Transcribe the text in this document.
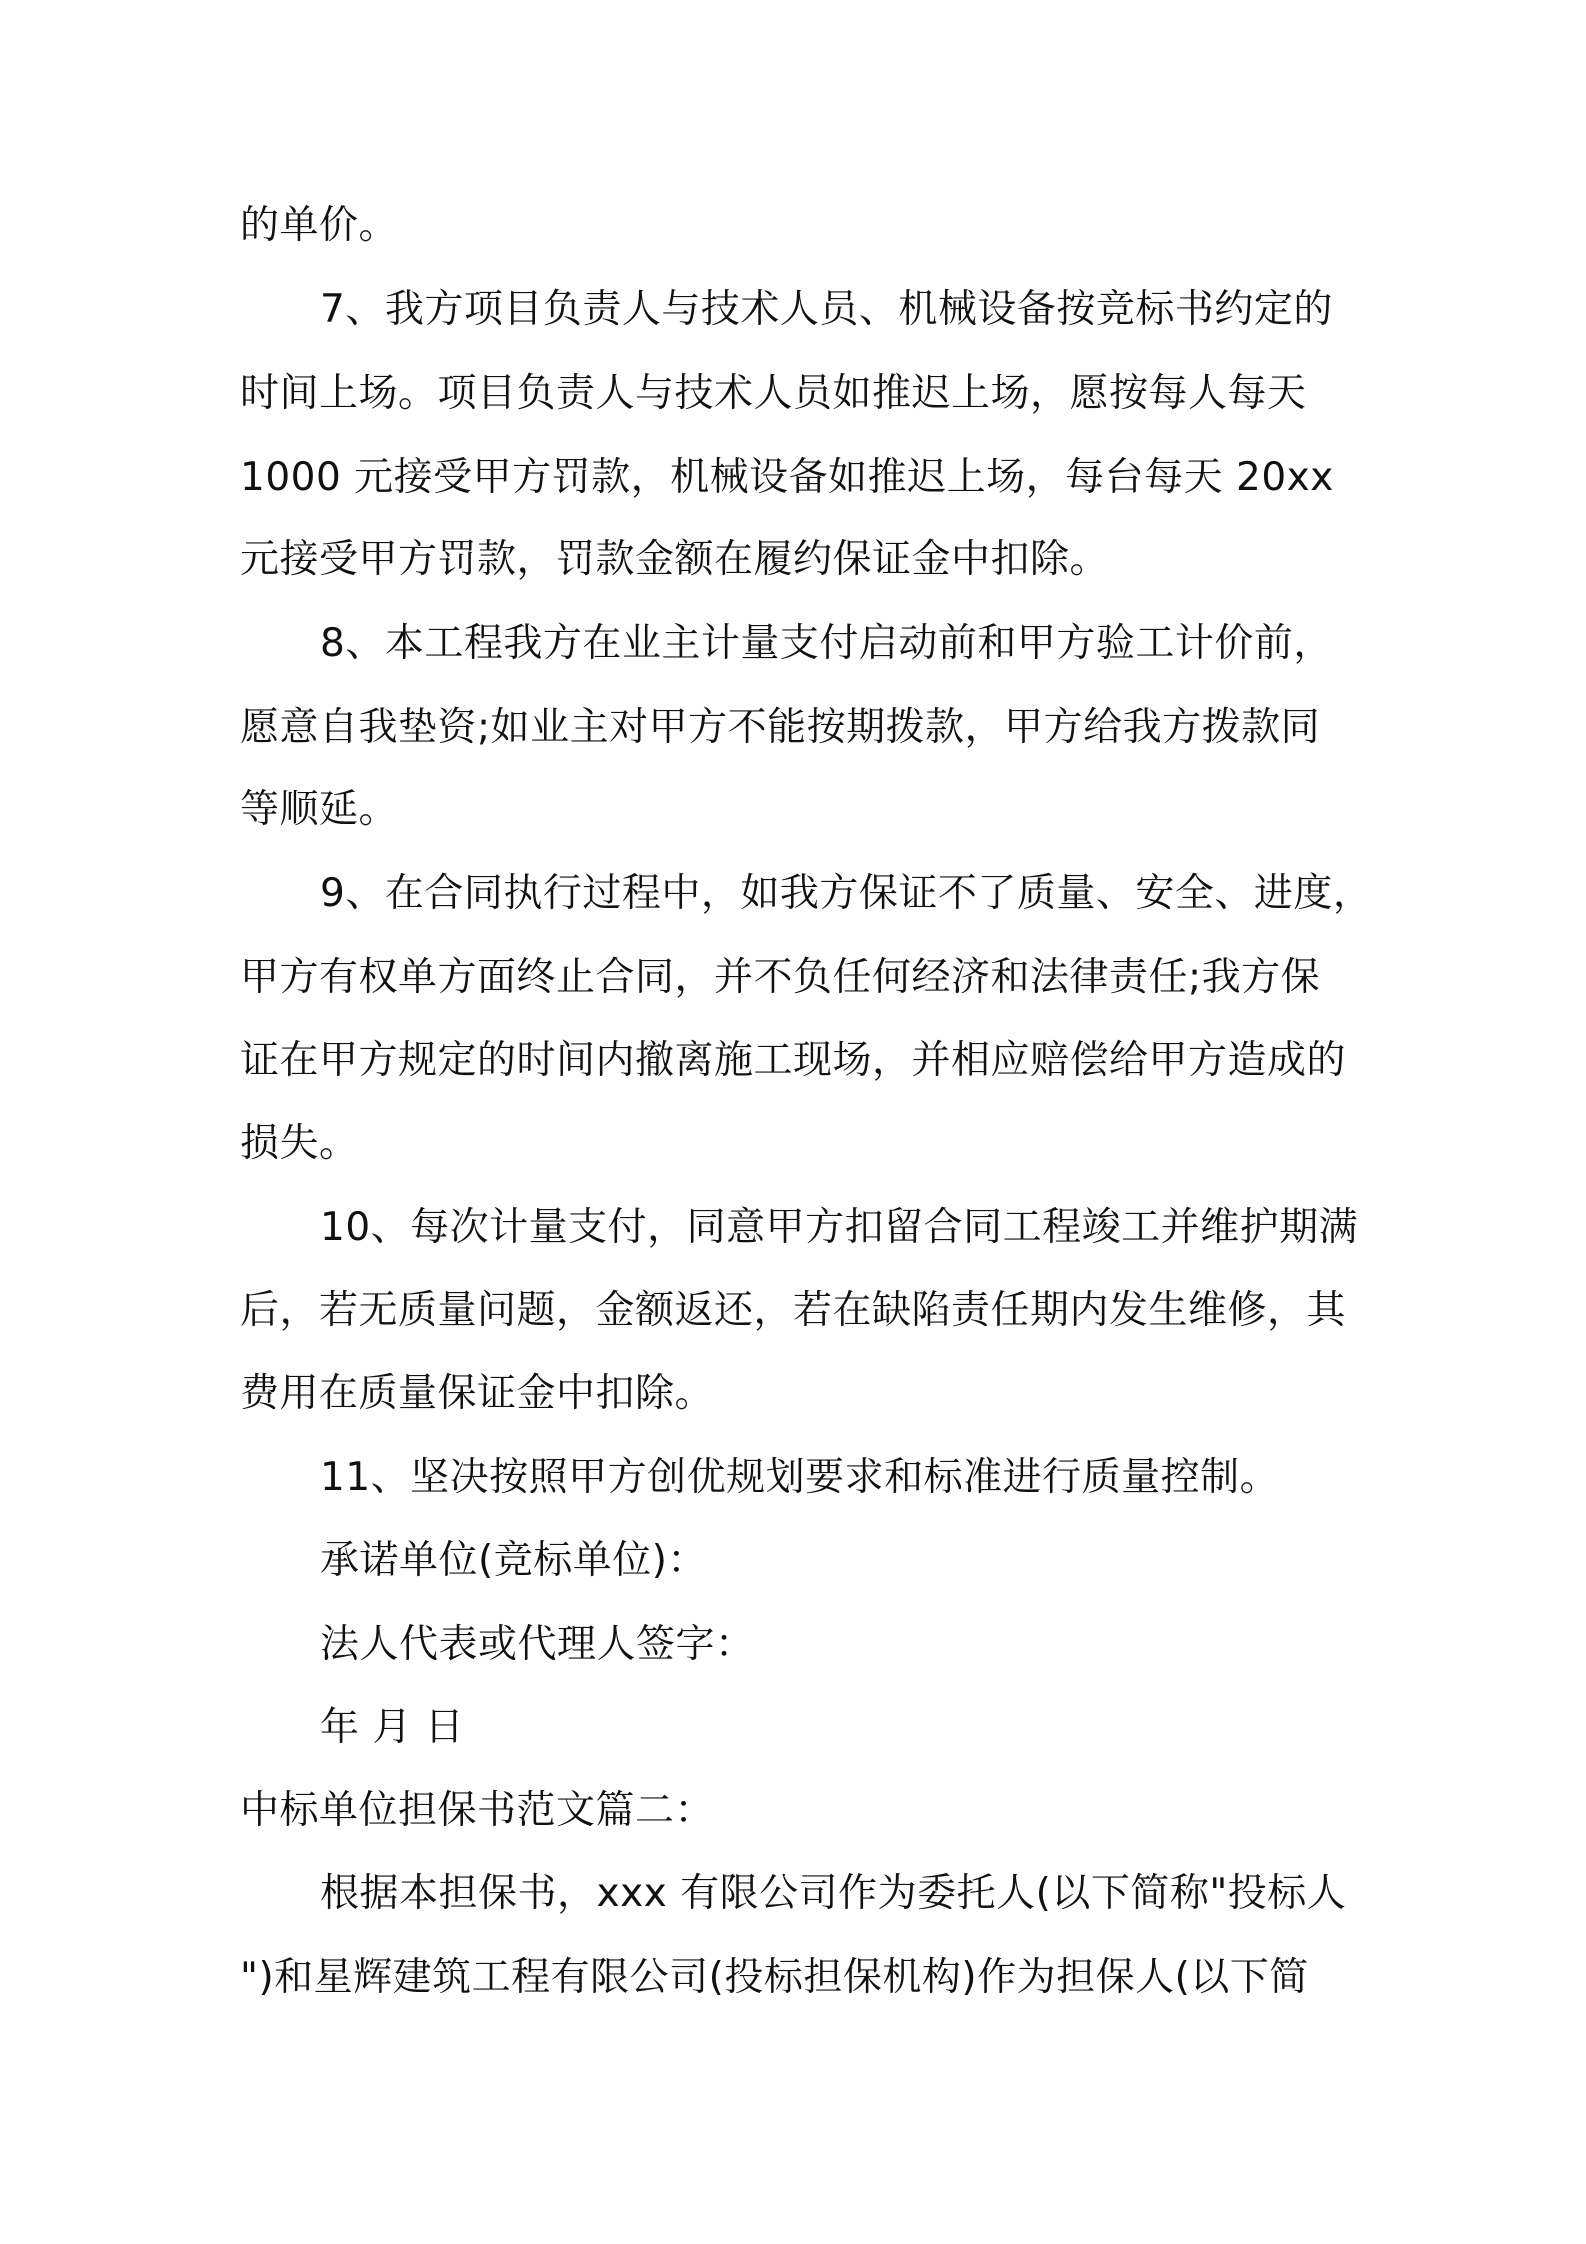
的单价。
7、我方项目负责人与技术人员、机械设备按竞标书约定的
时间上场。项目负责人与技术人员如推迟上场，愿按每人每天
1000 元接受甲方罚款，机械设备如推迟上场，每台每天 20xx
元接受甲方罚款，罚款金额在履约保证金中扣除。
8、本工程我方在业主计量支付启动前和甲方验工计价前，
愿意自我垫资;如业主对甲方不能按期拨款，甲方给我方拨款同
等顺延。
9、在合同执行过程中，如我方保证不了质量、安全、进度，
甲方有权单方面终止合同，并不负任何经济和法律责任;我方保
证在甲方规定的时间内撤离施工现场，并相应赔偿给甲方造成的
损失。
10、每次计量支付，同意甲方扣留合同工程竣工并维护期满
后，若无质量问题，金额返还，若在缺陷责任期内发生维修，其
费用在质量保证金中扣除。
11、坚决按照甲方创优规划要求和标准进行质量控制。
承诺单位(竞标单位)：
法人代表或代理人签字：
年 月 日
中标单位担保书范文篇二：
根据本担保书，xxx 有限公司作为委托人(以下简称"投标人
")和星辉建筑工程有限公司(投标担保机构)作为担保人(以下简
